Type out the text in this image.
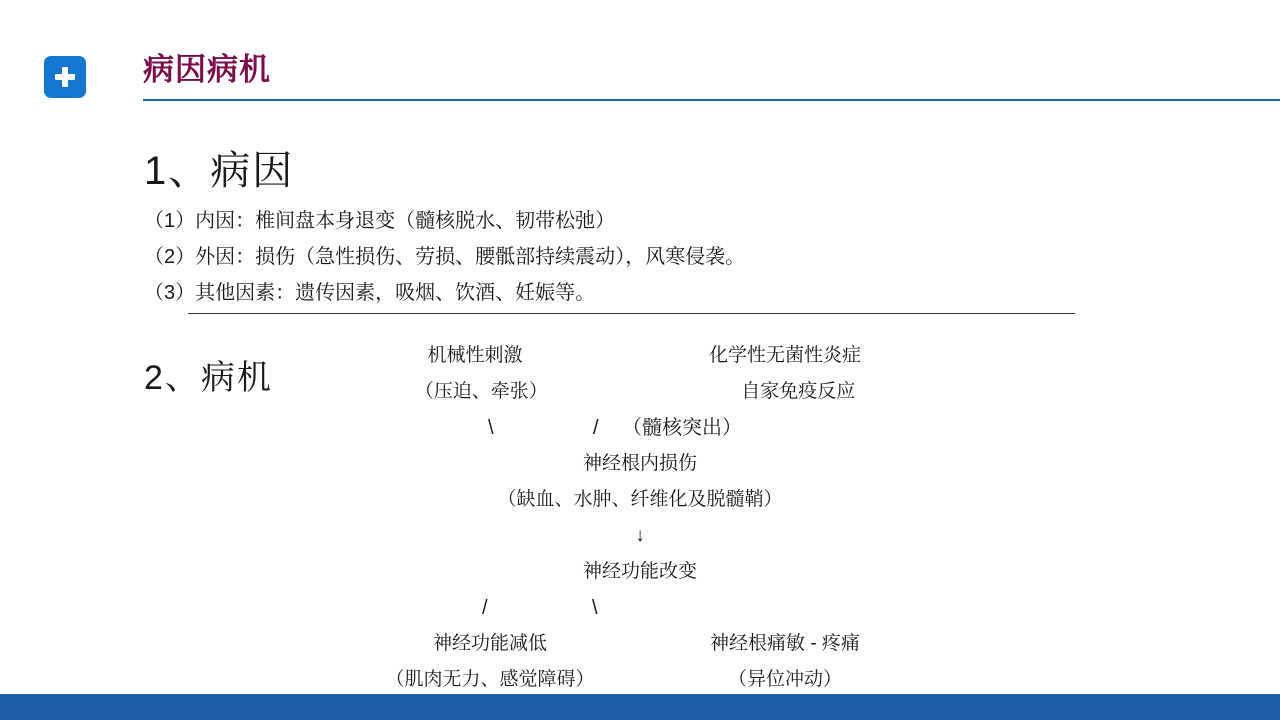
病因病机
1、病因
（1）内因：椎间盘本身退变（髓核脱水、韧带松弛）
（2）外因：损伤（急性损伤、劳损、腰骶部持续震动），风寒侵袭。
（3）其他因素：遗传因素，吸烟、饮酒、妊娠等。
2、病机
机械性刺激	化学性无菌性炎症
（压迫、牵张）	自家免疫反应
\	/ （髓核突出）
神经根内损伤
（缺血、水肿、纤维化及脱髓鞘）
↓
神经功能改变
/	\
神经功能减低	神经根痛敏 - 疼痛
（肌肉无力、感觉障碍）	（异位冲动）
